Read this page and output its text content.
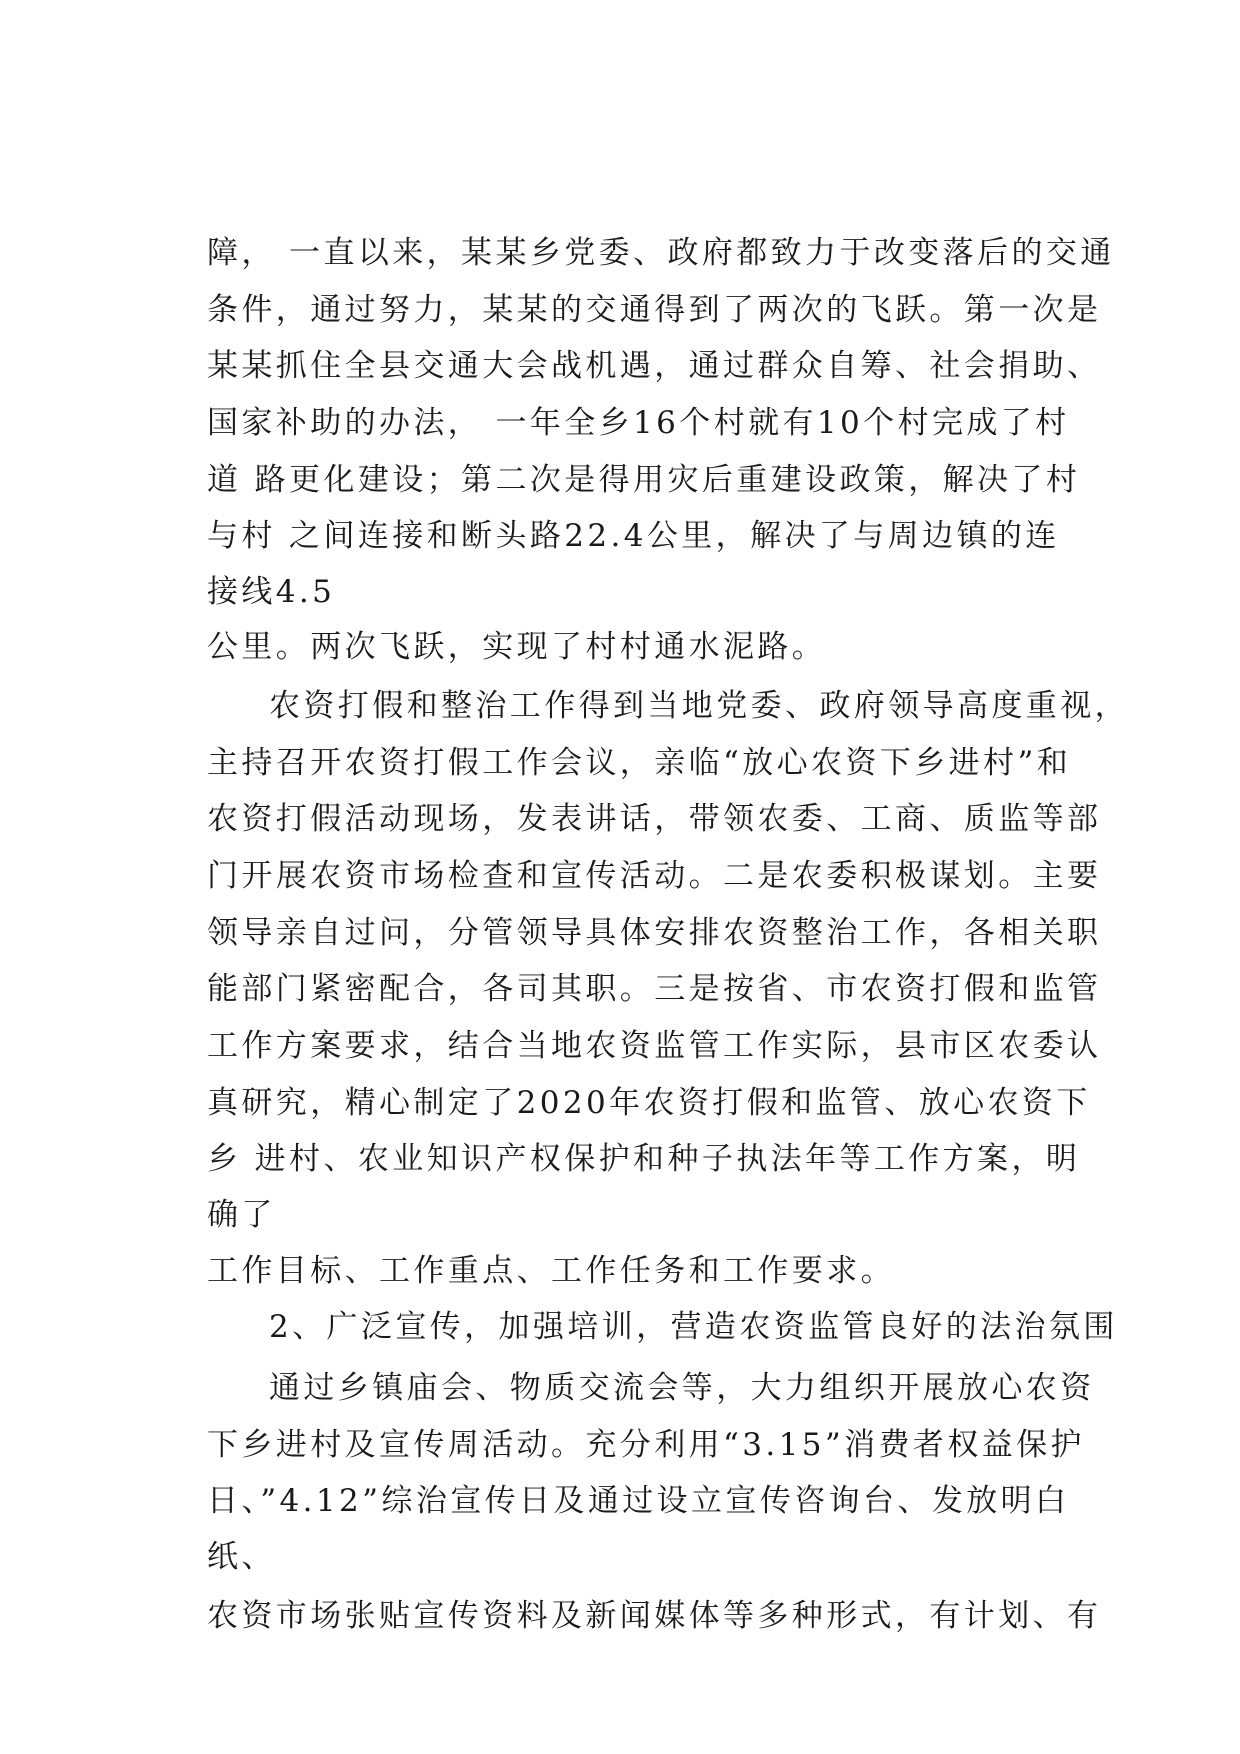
障， 一直以来，某某乡党委、政府都致力于改变落后的交通
条件，通过努力，某某的交通得到了两次的飞跃。第一次是
某某抓住全县交通大会战机遇，通过群众自筹、社会捐助、
国家补助的办法， 一年全乡16个村就有10个村完成了村
道 路更化建设；第二次是得用灾后重建设政策，解决了村
与村 之间连接和断头路22.4公里，解决了与周边镇的连
接线4.5
公里。两次飞跃，实现了村村通水泥路。
农资打假和整治工作得到当地党委、政府领导高度重视，
主持召开农资打假工作会议，亲临“放心农资下乡进村”和
农资打假活动现场，发表讲话，带领农委、工商、质监等部
门开展农资市场检查和宣传活动。二是农委积极谋划。主要
领导亲自过问，分管领导具体安排农资整治工作，各相关职
能部门紧密配合，各司其职。三是按省、市农资打假和监管
工作方案要求，结合当地农资监管工作实际，县市区农委认
真研究，精心制定了2020年农资打假和监管、放心农资下
乡 进村、农业知识产权保护和种子执法年等工作方案，明
确了
工作目标、工作重点、工作任务和工作要求。
2、广泛宣传，加强培训，营造农资监管良好的法治氛围
通过乡镇庙会、物质交流会等，大力组织开展放心农资
下乡进村及宣传周活动。充分利用“3.15”消费者权益保护
日、”4.12”综治宣传日及通过设立宣传咨询台、发放明白
纸、
农资市场张贴宣传资料及新闻媒体等多种形式，有计划、有
